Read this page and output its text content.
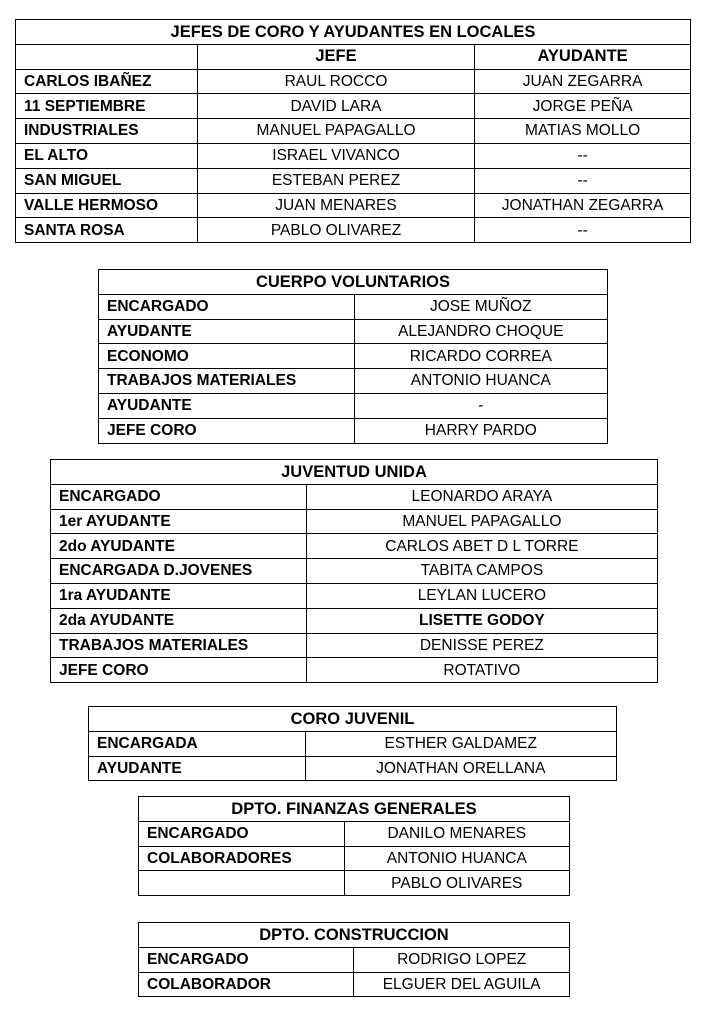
JEFES DE CORO Y AYUDANTES EN LOCALES		
	JEFE	AYUDANTE
CARLOS IBAÑEZ	RAUL ROCCO	JUAN ZEGARRA
11 SEPTIEMBRE	DAVID LARA	JORGE PEÑA
INDUSTRIALES	MANUEL PAPAGALLO	MATIAS MOLLO
EL ALTO	ISRAEL VIVANCO	--
SAN MIGUEL	ESTEBAN PEREZ	--
VALLE HERMOSO	JUAN MENARES	JONATHAN ZEGARRA
SANTA ROSA	PABLO OLIVAREZ	--
CUERPO VOLUNTARIOS	
ENCARGADO	JOSE MUÑOZ
AYUDANTE	ALEJANDRO CHOQUE
ECONOMO	RICARDO CORREA
TRABAJOS MATERIALES	ANTONIO HUANCA
AYUDANTE	-
JEFE CORO	HARRY PARDO
JUVENTUD UNIDA	
ENCARGADO	LEONARDO ARAYA
1er AYUDANTE	MANUEL PAPAGALLO
2do AYUDANTE	CARLOS ABET D L TORRE
ENCARGADA D.JOVENES	TABITA CAMPOS
1ra AYUDANTE	LEYLAN LUCERO
2da AYUDANTE	LISETTE GODOY
TRABAJOS MATERIALES	DENISSE PEREZ
JEFE CORO	ROTATIVO
CORO JUVENIL	
ENCARGADA	ESTHER GALDAMEZ
AYUDANTE	JONATHAN ORELLANA
DPTO. FINANZAS GENERALES	
ENCARGADO	DANILO MENARES
COLABORADORES	ANTONIO HUANCA
	PABLO OLIVARES
DPTO. CONSTRUCCION	
ENCARGADO	RODRIGO LOPEZ
COLABORADOR	ELGUER DEL AGUILA
